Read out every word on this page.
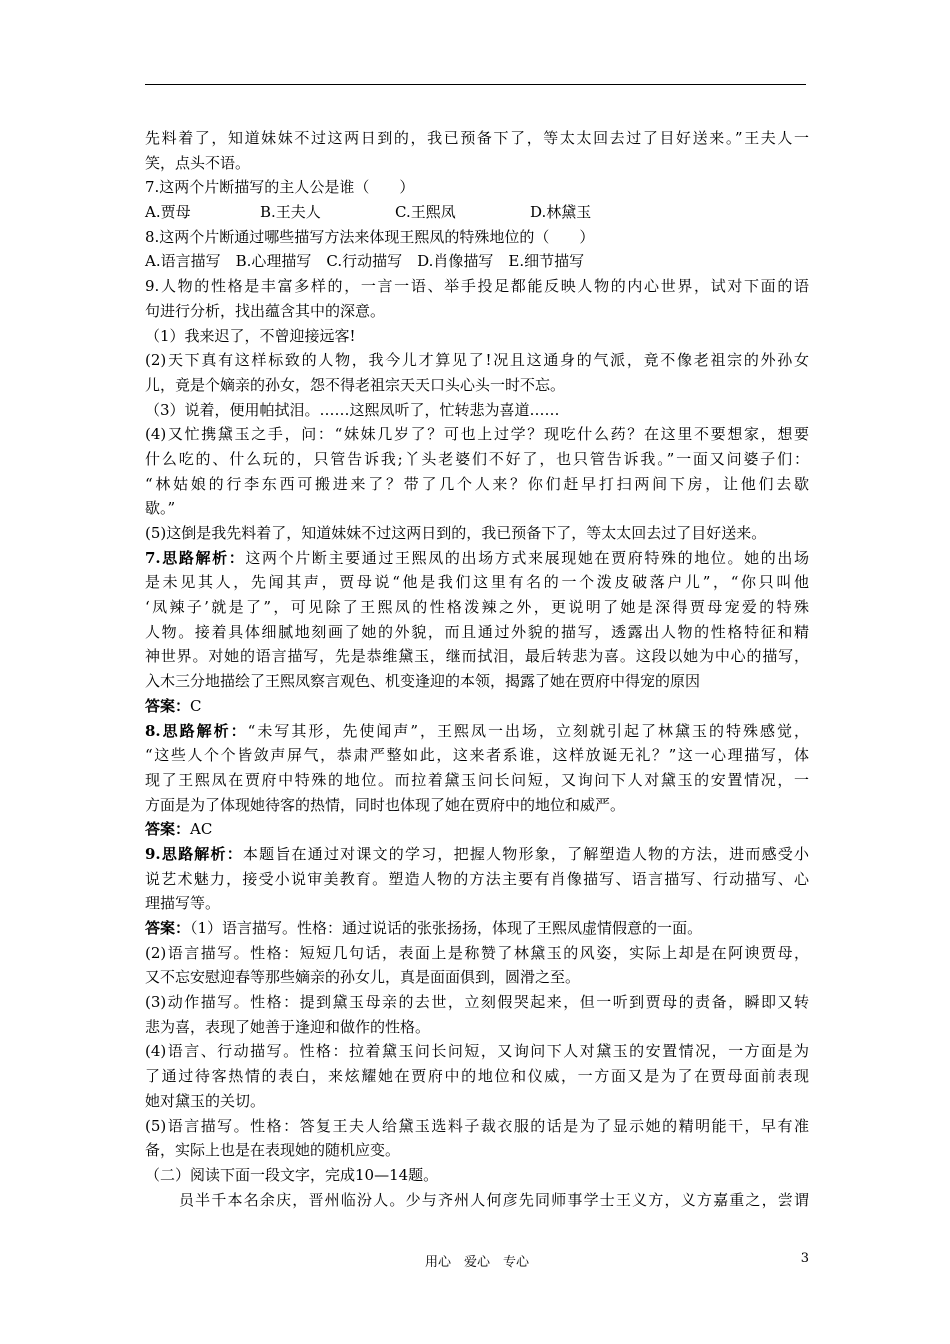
先料着了，知道妹妹不过这两日到的，我已预备下了，等太太回去过了目好送来。”王夫人一
笑，点头不语。
7.这两个片断描写的主人公是谁（　　）
A.贾母	B.王夫人	C.王熙凤	D.林黛玉
8.这两个片断通过哪些描写方法来体现王熙凤的特殊地位的（　　）
A.语言描写　B.心理描写　C.行动描写　D.肖像描写　E.细节描写
9.人物的性格是丰富多样的，一言一语、举手投足都能反映人物的内心世界，试对下面的语
句进行分析，找出蕴含其中的深意。
（1）我来迟了，不曾迎接远客!
(2)天下真有这样标致的人物，我今儿才算见了!况且这通身的气派，竟不像老祖宗的外孙女
儿，竟是个嫡亲的孙女，怨不得老祖宗天天口头心头一时不忘。
（3）说着，便用帕拭泪。……这熙凤听了，忙转悲为喜道……
(4)又忙携黛玉之手，问：“妹妹几岁了？可也上过学？现吃什么药？在这里不要想家，想要
什么吃的、什么玩的，只管告诉我;丫头老婆们不好了，也只管告诉我。”一面又问婆子们：
“林姑娘的行李东西可搬进来了？带了几个人来？你们赶早打扫两间下房，让他们去歇
歇。”
(5)这倒是我先料着了，知道妹妹不过这两日到的，我已预备下了，等太太回去过了目好送来。
7.思路解析：这两个片断主要通过王熙凤的出场方式来展现她在贾府特殊的地位。她的出场
是未见其人，先闻其声，贾母说“他是我们这里有名的一个泼皮破落户儿”，“你只叫他
‘凤辣子’就是了”，可见除了王熙凤的性格泼辣之外，更说明了她是深得贾母宠爱的特殊
人物。接着具体细腻地刻画了她的外貌，而且通过外貌的描写，透露出人物的性格特征和精
神世界。对她的语言描写，先是恭维黛玉，继而拭泪，最后转悲为喜。这段以她为中心的描写，
入木三分地描绘了王熙凤察言观色、机变逢迎的本领，揭露了她在贾府中得宠的原因
答案：C
8.思路解析：“未写其形，先使闻声”，王熙凤一出场，立刻就引起了林黛玉的特殊感觉，
“这些人个个皆敛声屏气，恭肃严整如此，这来者系谁，这样放诞无礼？”这一心理描写，体
现了王熙凤在贾府中特殊的地位。而拉着黛玉问长问短，又询问下人对黛玉的安置情况，一
方面是为了体现她待客的热情，同时也体现了她在贾府中的地位和威严。
答案：AC
9.思路解析：本题旨在通过对课文的学习，把握人物形象，了解塑造人物的方法，进而感受小
说艺术魅力，接受小说审美教育。塑造人物的方法主要有肖像描写、语言描写、行动描写、心
理描写等。
答案：（1）语言描写。性格：通过说话的张张扬扬，体现了王熙凤虚情假意的一面。
(2)语言描写。性格：短短几句话，表面上是称赞了林黛玉的风姿，实际上却是在阿谀贾母，
又不忘安慰迎春等那些嫡亲的孙女儿，真是面面俱到，圆滑之至。
(3)动作描写。性格：提到黛玉母亲的去世，立刻假哭起来，但一听到贾母的责备，瞬即又转
悲为喜，表现了她善于逢迎和做作的性格。
(4)语言、行动描写。性格：拉着黛玉问长问短，又询问下人对黛玉的安置情况，一方面是为
了通过待客热情的表白，来炫耀她在贾府中的地位和仪威，一方面又是为了在贾母面前表现
她对黛玉的关切。
(5)语言描写。性格：答复王夫人给黛玉选料子裁衣服的话是为了显示她的精明能干，早有准
备，实际上也是在表现她的随机应变。
（二）阅读下面一段文字，完成10—14题。
员半千本名余庆，晋州临汾人。少与齐州人何彦先同师事学士王义方，义方嘉重之，尝谓
用心　爱心　专心	3
